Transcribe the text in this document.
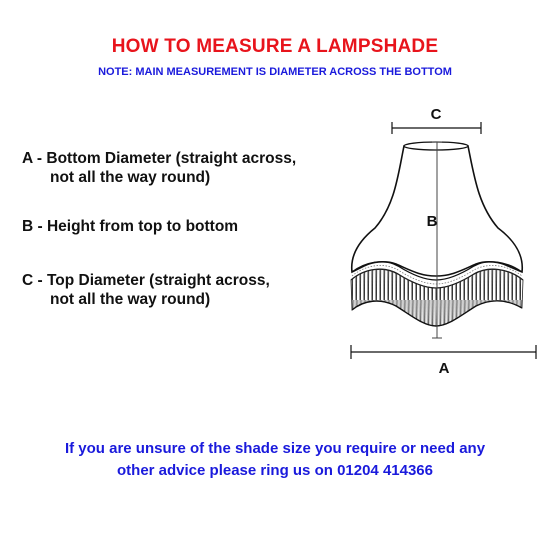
HOW TO MEASURE A LAMPSHADE
NOTE: MAIN MEASUREMENT IS DIAMETER ACROSS THE BOTTOM
A - Bottom Diameter (straight across,
not all the way round)
B - Height from top to bottom
C - Top Diameter (straight across,
not all the way round)
C
B
A
If you are unsure of the shade size you require or need any
other advice please ring us on 01204 414366
